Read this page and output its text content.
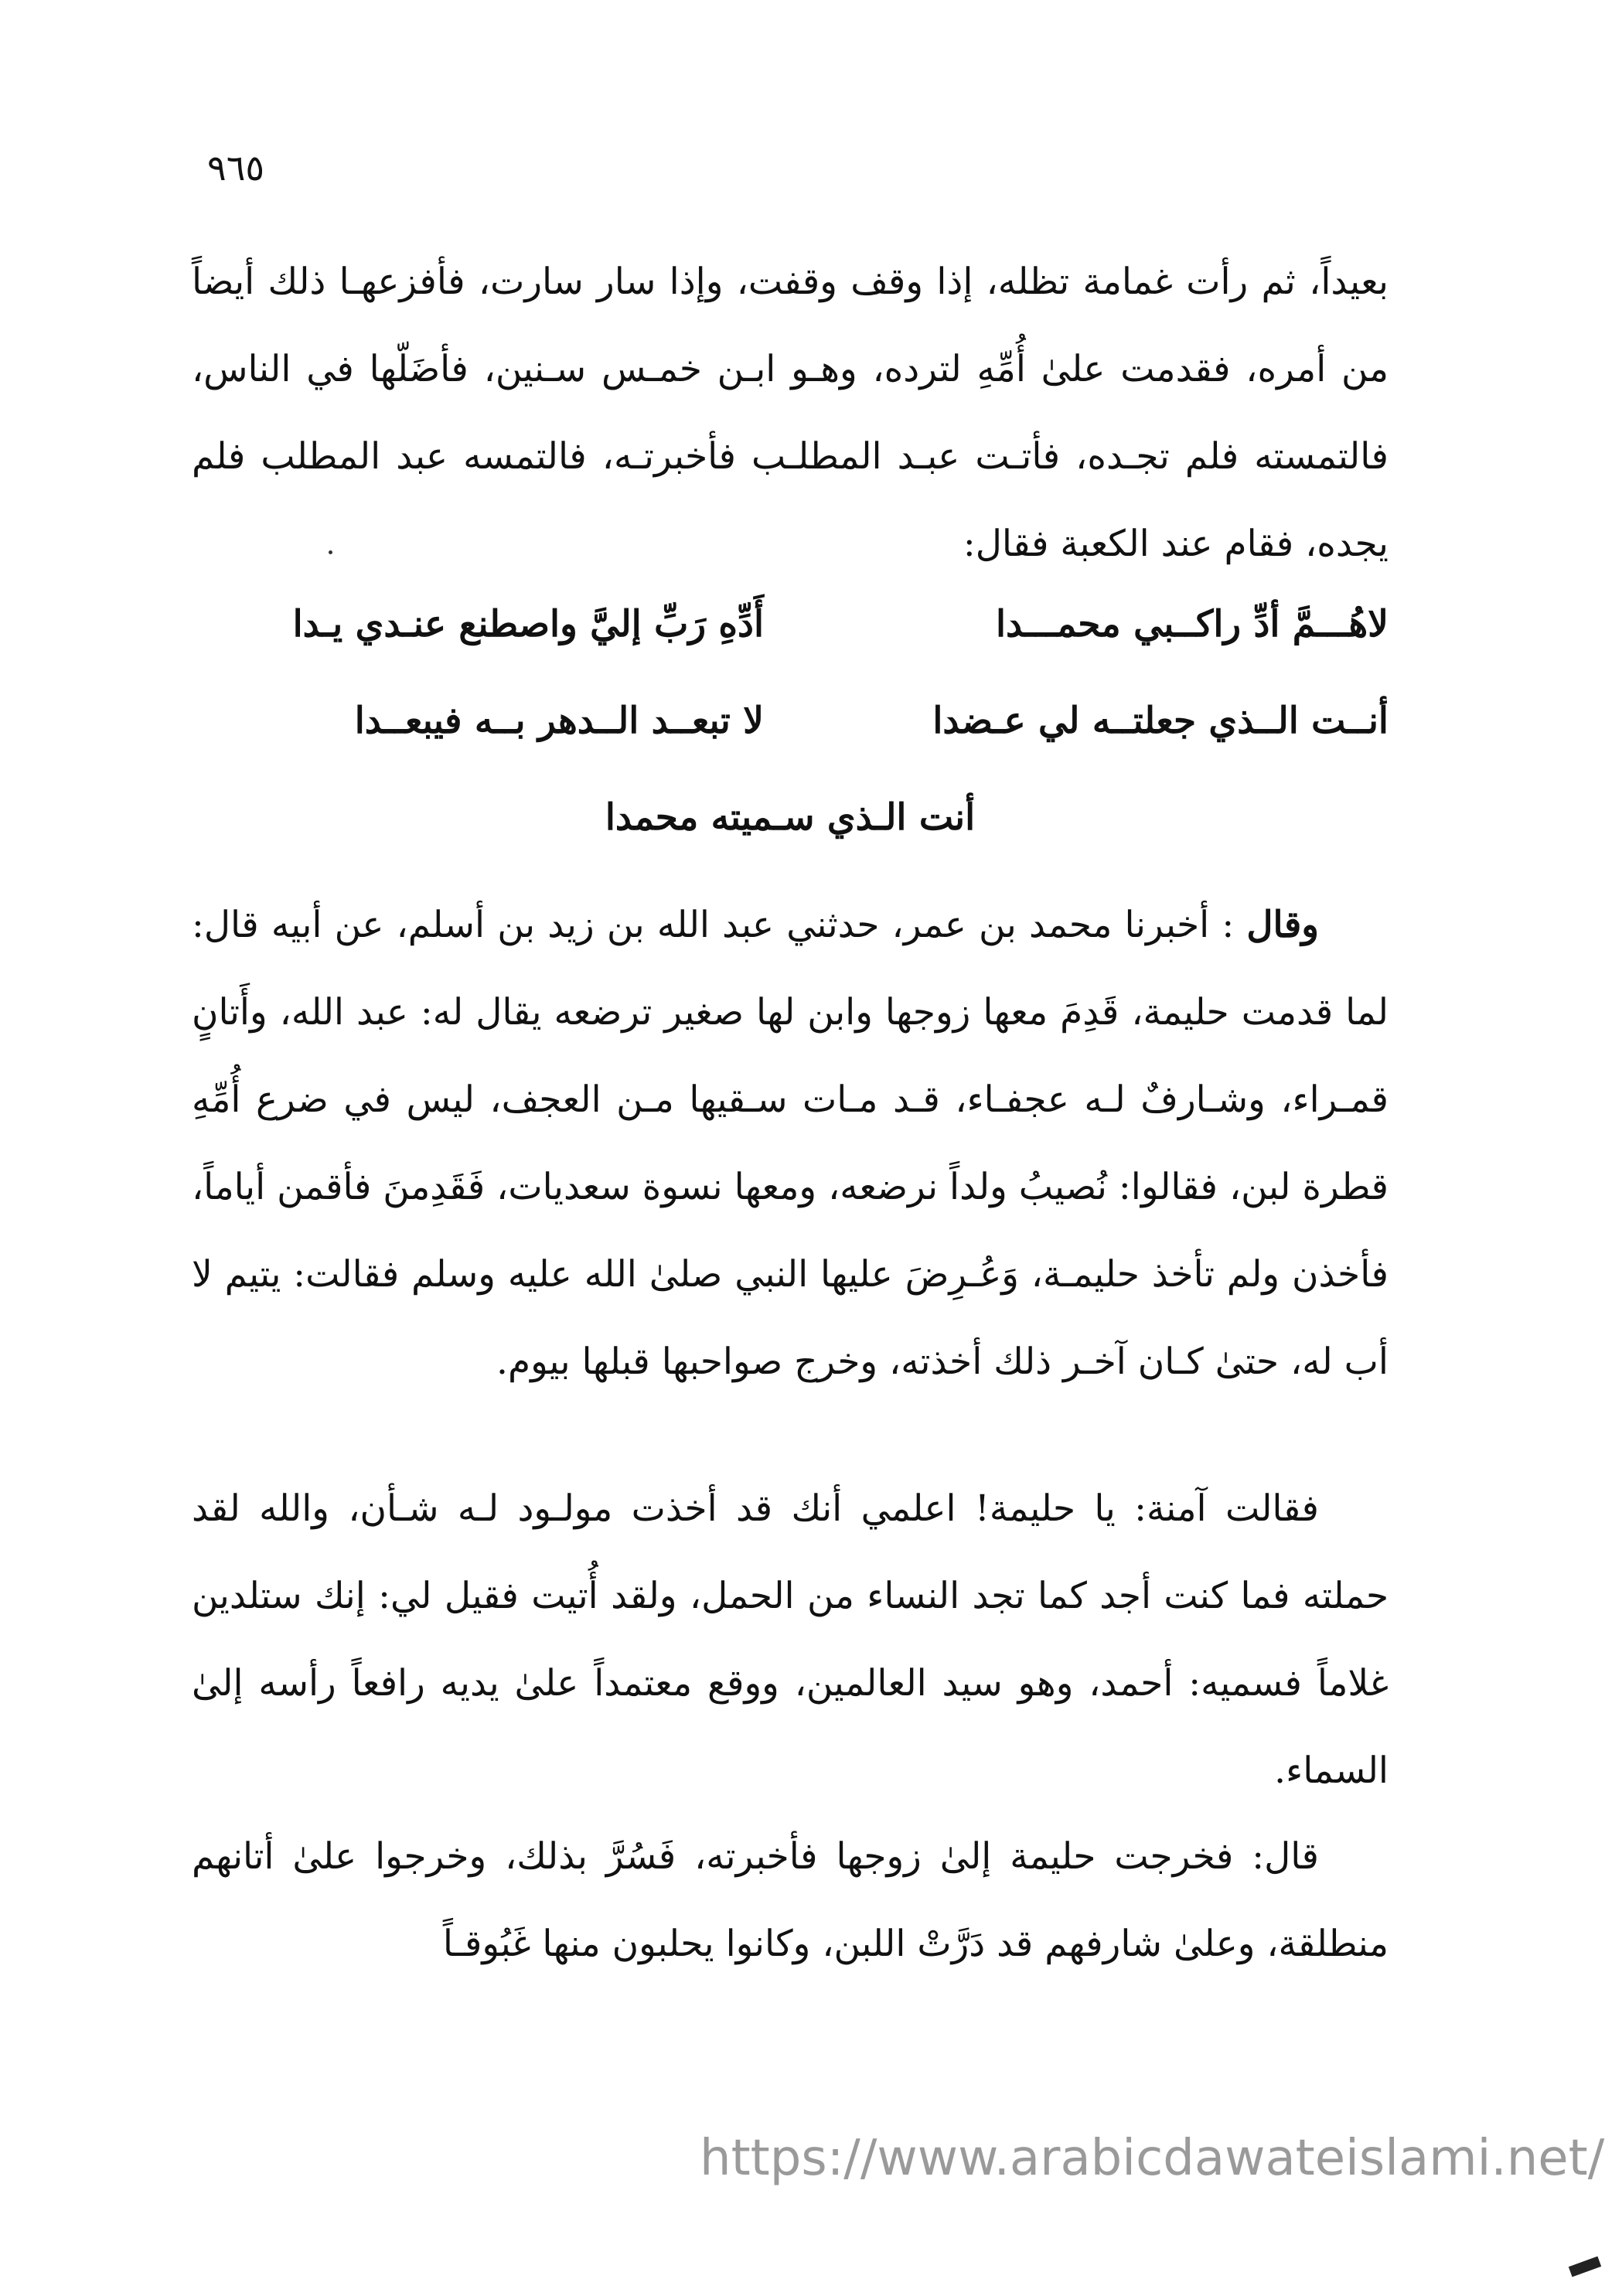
٩٦٥

بعيداً، ثم رأت غمامة تظله، إذا وقف وقفت، وإذا سار سارت، فأفزعهـا ذلك أيضاً من أمره، فقدمت علىٰ أُمِّهِ لترده، وهـو ابـن خمـس سـنين، فأضَلّها في الناس، فالتمسته فلم تجـده، فأتـت عبـد المطلـب فأخبرتـه، فالتمسه عبد المطلب فلم يجده، فقام عند الكعبة فقال:

لاهُـــمَّ أدِّ راكــبي محمـــدا
أَدِّهِ رَبِّ إليَّ واصطنع عنـدي يـدا
أنــت الــذي جعلتــه لي عـضدا
لا تبعــد الــدهر بــه فيبعــدا
أنت الـذي سـميته محمدا

وقال : أخبرنا محمد بن عمر، حدثني عبد الله بن زيد بن أسلم، عن أبيه قال: لما قدمت حليمة، قَدِمَ معها زوجها وابن لها صغير ترضعه يقال له: عبد الله، وأَتانٍ قمـراء، وشـارفٌ لـه عجفـاء، قـد مـات سـقيها مـن العجف، ليس في ضرع أُمِّهِ قطرة لبن، فقالوا: نُصيبُ ولداً نرضعه، ومعها نسوة سعديات، فَقَدِمنَ فأقمن أياماً، فأخذن ولم تأخذ حليمـة، وَعُـرِضَ عليها النبي صلىٰ الله عليه وسلم فقالت: يتيم لا أب له، حتىٰ كـان آخـر ذلك أخذته، وخرج صواحبها قبلها بيوم.

فقالت آمنة: يا حليمة! اعلمي أنك قد أخذت مولـود لـه شـأن، والله لقد حملته فما كنت أجد كما تجد النساء من الحمل، ولقد أُتيت فقيل لي: إنك ستلدين غلاماً فسميه: أحمد، وهو سيد العالمين، ووقع معتمداً علىٰ يديه رافعاً رأسه إلىٰ السماء.

قال: فخرجت حليمة إلىٰ زوجها فأخبرته، فَسُرَّ بذلك، وخرجوا علىٰ أتانهم منطلقة، وعلىٰ شارفهم قد دَرَّتْ اللبن، وكانوا يحلبون منها غَبُوقـاً

https://www.arabicdawateislami.net/
